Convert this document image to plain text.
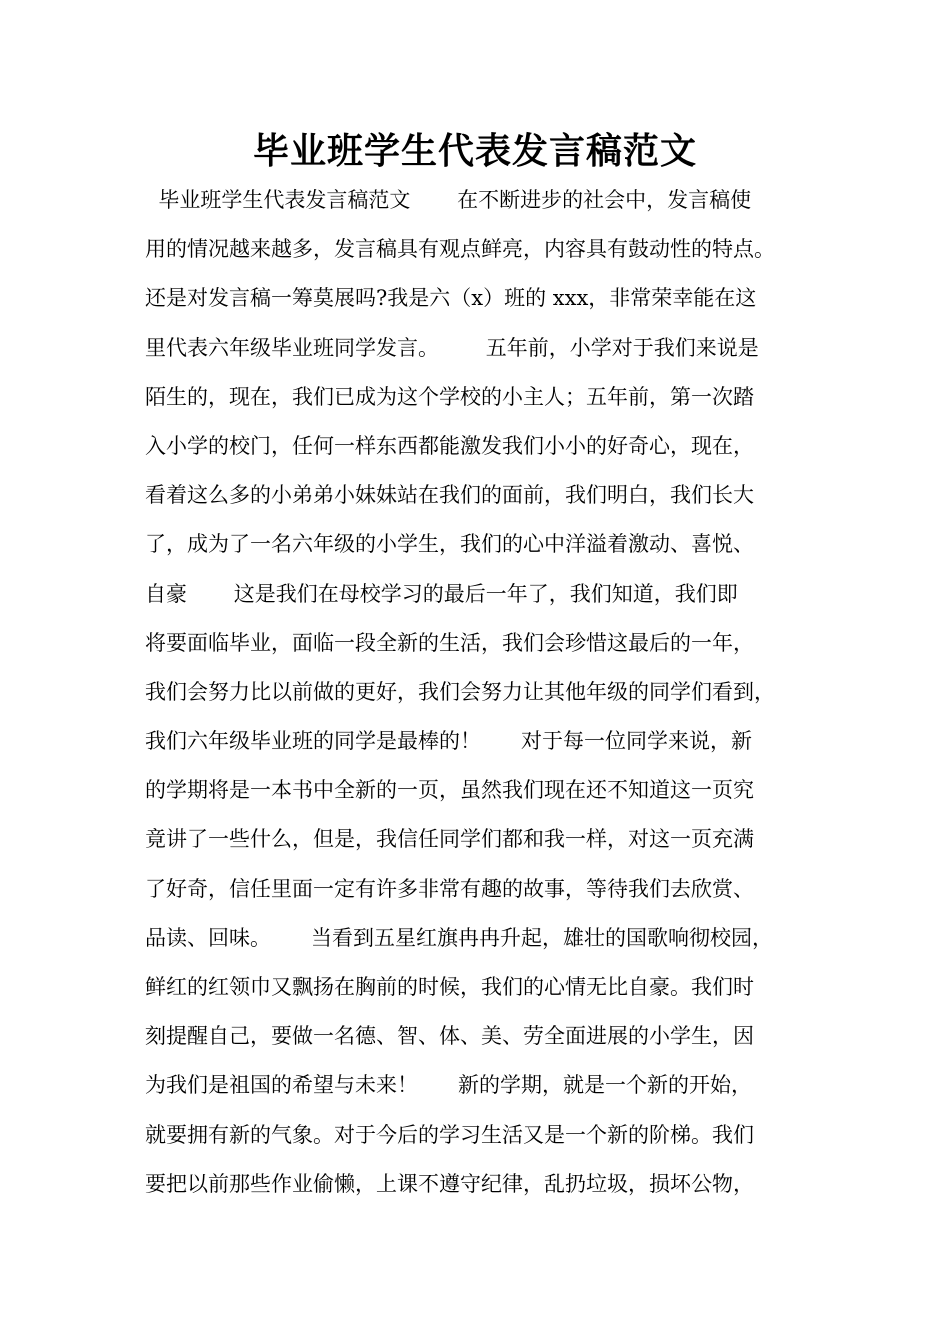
毕业班学生代表发言稿范文
毕业班学生代表发言稿范文       在不断进步的社会中，发言稿使
用的情况越来越多，发言稿具有观点鲜亮，内容具有鼓动性的特点。
还是对发言稿一筹莫展吗?我是六（x）班的 xxx，非常荣幸能在这
里代表六年级毕业班同学发言。       五年前，小学对于我们来说是
陌生的，现在，我们已成为这个学校的小主人；五年前，第一次踏
入小学的校门，任何一样东西都能激发我们小小的好奇心，现在，
看着这么多的小弟弟小妹妹站在我们的面前，我们明白，我们长大
了，成为了一名六年级的小学生，我们的心中洋溢着激动、喜悦、
自豪       这是我们在母校学习的最后一年了，我们知道，我们即
将要面临毕业，面临一段全新的生活，我们会珍惜这最后的一年，
我们会努力比以前做的更好，我们会努力让其他年级的同学们看到，
我们六年级毕业班的同学是最棒的！      对于每一位同学来说，新
的学期将是一本书中全新的一页，虽然我们现在还不知道这一页究
竟讲了一些什么，但是，我信任同学们都和我一样，对这一页充满
了好奇，信任里面一定有许多非常有趣的故事，等待我们去欣赏、
品读、回味。      当看到五星红旗冉冉升起，雄壮的国歌响彻校园，
鲜红的红领巾又飘扬在胸前的时候，我们的心情无比自豪。我们时
刻提醒自己，要做一名德、智、体、美、劳全面进展的小学生，因
为我们是祖国的希望与未来！      新的学期，就是一个新的开始，
就要拥有新的气象。对于今后的学习生活又是一个新的阶梯。我们
要把以前那些作业偷懒，上课不遵守纪律，乱扔垃圾，损坏公物，
